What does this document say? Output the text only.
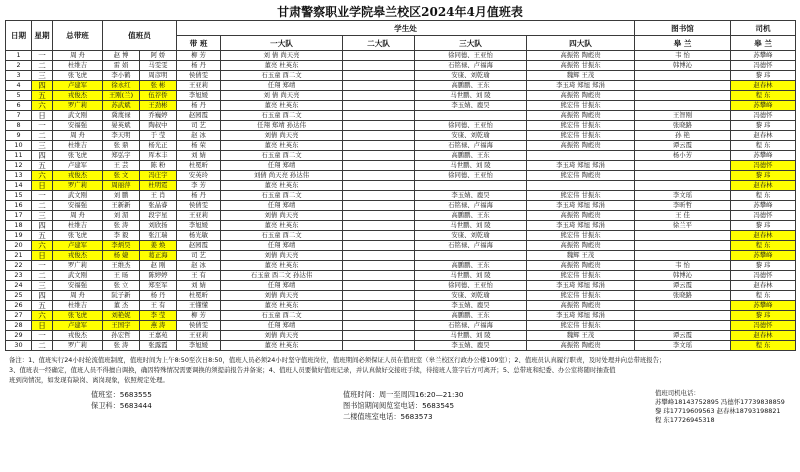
甘肃警察职业学院皋兰校区2024年4月值班表
日期	星期	总带班	值班员		学生处					图书馆	司机
					带 班	一大队	二大队	三大队	四大队	皋 兰	皋 兰
1	一	周 舟	赵 博	阿 娇	柳 芳	刘 倩 尚天亮		徐同德、王亚怡	高振铭 陶彪贵	韦 怡	苏攀峰
2	二	杜维吉	雷 娟	马雯雯	杨 丹	董亮 杜英东		石铭禄、卢福海	高振铭 甘振东	韩博沁	冯德怀
3	三	张飞虎	李小鹤	周彦明	侯倩雯	石玉童 酉二文		安康、刘乾瑜	魏辉 王茂		黎 玮
4	四	卢建军	徐永红	张 彬	王亚莉	任翔 郑靖		高鹏鹏、王东	李玉琦 郑旭 郑涓		赵春林
5	五	戎俊杰	王刚(兰)	伍荐侨	李旭媛	刘 倩 尚天亮		马世鹏、刘 陵	高振铭 陶彪贵		程 东
6	六	罗广莉	苏武斌	王劲彬	杨 丹	董亮 杜英东		李玉婧、鹿昊	熊宏伟 甘振东		苏攀峰
7	日	武文刚	冀蔑禄	乔巍婷	赵园霞	石玉童 酉二文			高振铭 陶彪贵	王智刚	冯德怀
8	一	安福强	晏英斌	陶叔中	司 艺	任翔 郑靖 孙达伟		徐同德、王亚怡	熊宏伟 甘振东	张晓路	黎 玮
9	二	周 舟	李天明	于 莹	赵 冰	刘倩 尚天亮		安康、刘乾瑜	熊宏伟 甘振东	孙 艳	赵春林
10	三	杜维吉	张 鼎	杨光正	杨 荣	董亮 杜英东		石铭禄、卢福海	高振铭 陶彪贵	谭云霞	程 东
11	四	张飞虎	郑弘宇	厍本丰	刘 婧	石玉童 酉二文		高鹏鹏、王东		杨小芳	苏攀峰
12	五	卢建军	王 芸	陈 粉	杜冕昕	任翔 郑靖		马世鹏、刘 陵	李玉琦 郑旭 郑涓		冯德怀
13	六	戎俊杰	张 文	冯庄宇	安英玲	刘倩 尚天亮 孙达伟		徐同德、王亚怡	熊宏伟 陶彪贵		黎 玮
14	日	罗广莉	周丽萍	杜明霓	李 芳	董亮 杜英东					赵春林
15	一	武文刚	刘 鹏	王 肖	杨 丹	石玉童 酉二文		李玉婧、鹿昊	熊宏伟 甘振东	李文瑶	程 东
16	二	安福强	王新新	张晶睿	侯倩雯	任翔 郑靖		石铭禄、卢福海	李玉琦 郑旭 郑涓	李昕哲	苏攀峰
17	三	周 舟	刘 湄	段宇星	王亚莉	刘倩 尚天亮		高鹏鹏、王东	高振铭 陶彪贵	王 佳	冯德怀
18	四	杜维吉	张 涛	刘欣扬	李旭媛	董亮 杜英东		马世鹏、刘 陵	李玉琦 郑旭 郑涓	徐兰平	黎 玮
19	五	张飞虎	李 毅	张江瑞	杨光敏	石玉童 酉二文		安康、刘乾瑜	熊宏伟 甘振东		赵春林
20	六	卢建军	李炳昊	姜 焕	赵园霞	任翔 郑靖		石铭禄、卢福海	高振铭 陶彪贵		程 东
21	日	戎俊杰	杨 婕	葛正海	司 艺	刘倩 尚天亮			魏辉 王茂		苏攀峰
22	一	罗广莉	王维杰	赵 刚	赵 冰	董亮 杜英东		高鹏鹏、王东	高振铭 陶彪贵	韦 怡	黎 玮
23	二	武文刚	王 旸	陈婷婷	王 有	石玉童 酉二文 孙达伟		马世鹏、刘 陵	熊宏伟 甘振东	韩博沁	冯德怀
24	三	安福强	张 立	郑至军	刘 婧	任翔 郑靖		徐同德、王亚怡	李玉琦 郑旭 郑涓	谭云霞	赵春林
25	四	周 舟	阮子新	杨 丹	杜冕昕	刘倩 尚天亮		安康、刘乾瑜	熊宏伟 甘振东	张晓路	程 东
26	五	杜维吉	董 杰	王 有	王懂懂	董亮 杜英东		李玉婧、鹿昊	高振铭 陶彪贵		苏攀峰
27	六	张飞虎	刘艳妮	李 莹	柳 芳	石玉童 酉二文		高鹏鹏、王东	李玉琦 郑旭 郑涓		黎 玮
28	日	卢建军	王国宇	燕 涛	侯倩雯	任翔 郑靖		石铭禄、卢福海	熊宏伟 甘振东		冯德怀
29	一	戎俊杰	孙宏哲	王嘉苑	王亚莉	刘倩 尚天亮		马世鹏、刘 陵	魏辉 王茂	谭云霞	赵春林
30	二	罗广莉	张 涛	张露霞	李旭媛	董亮 杜英东		李玉婧、鹿昊	高振铭 陶彪贵	李文瑶	程 东
备注：1、值班实行24小时轮流值班制度，值班时间为上午8:50至次日8:50，值班人员必须24小时坚守值班岗位，值班期间必须保证人员在值班室（皋兰校区行政办公楼109室）；2、值班员认真履行职责，及时处理并向总带班报告；
3、值班表一经确定，值班人员不得擅自调换，确因特殊情况需要调换的须提前报告并备案；4、值班人员要做好值班记录，并认真做好交接班手续，待接班人签字后方可离开；5、总带班和纪委、办公室将随时抽查值
班到岗情况，如发现有缺岗、离岗现象，依照规定处理。
值班室：5683555
保卫科：5683444
值班时间：周一至周四16:20—21:30
图书馆期间阅览室电话：5683545
二楼值班室电话：5683573
值班司机电话：
苏攀峰18143752895 冯德怀17739838859
黎 玮17719609563 赵春林18793198821
程 东17726945318
